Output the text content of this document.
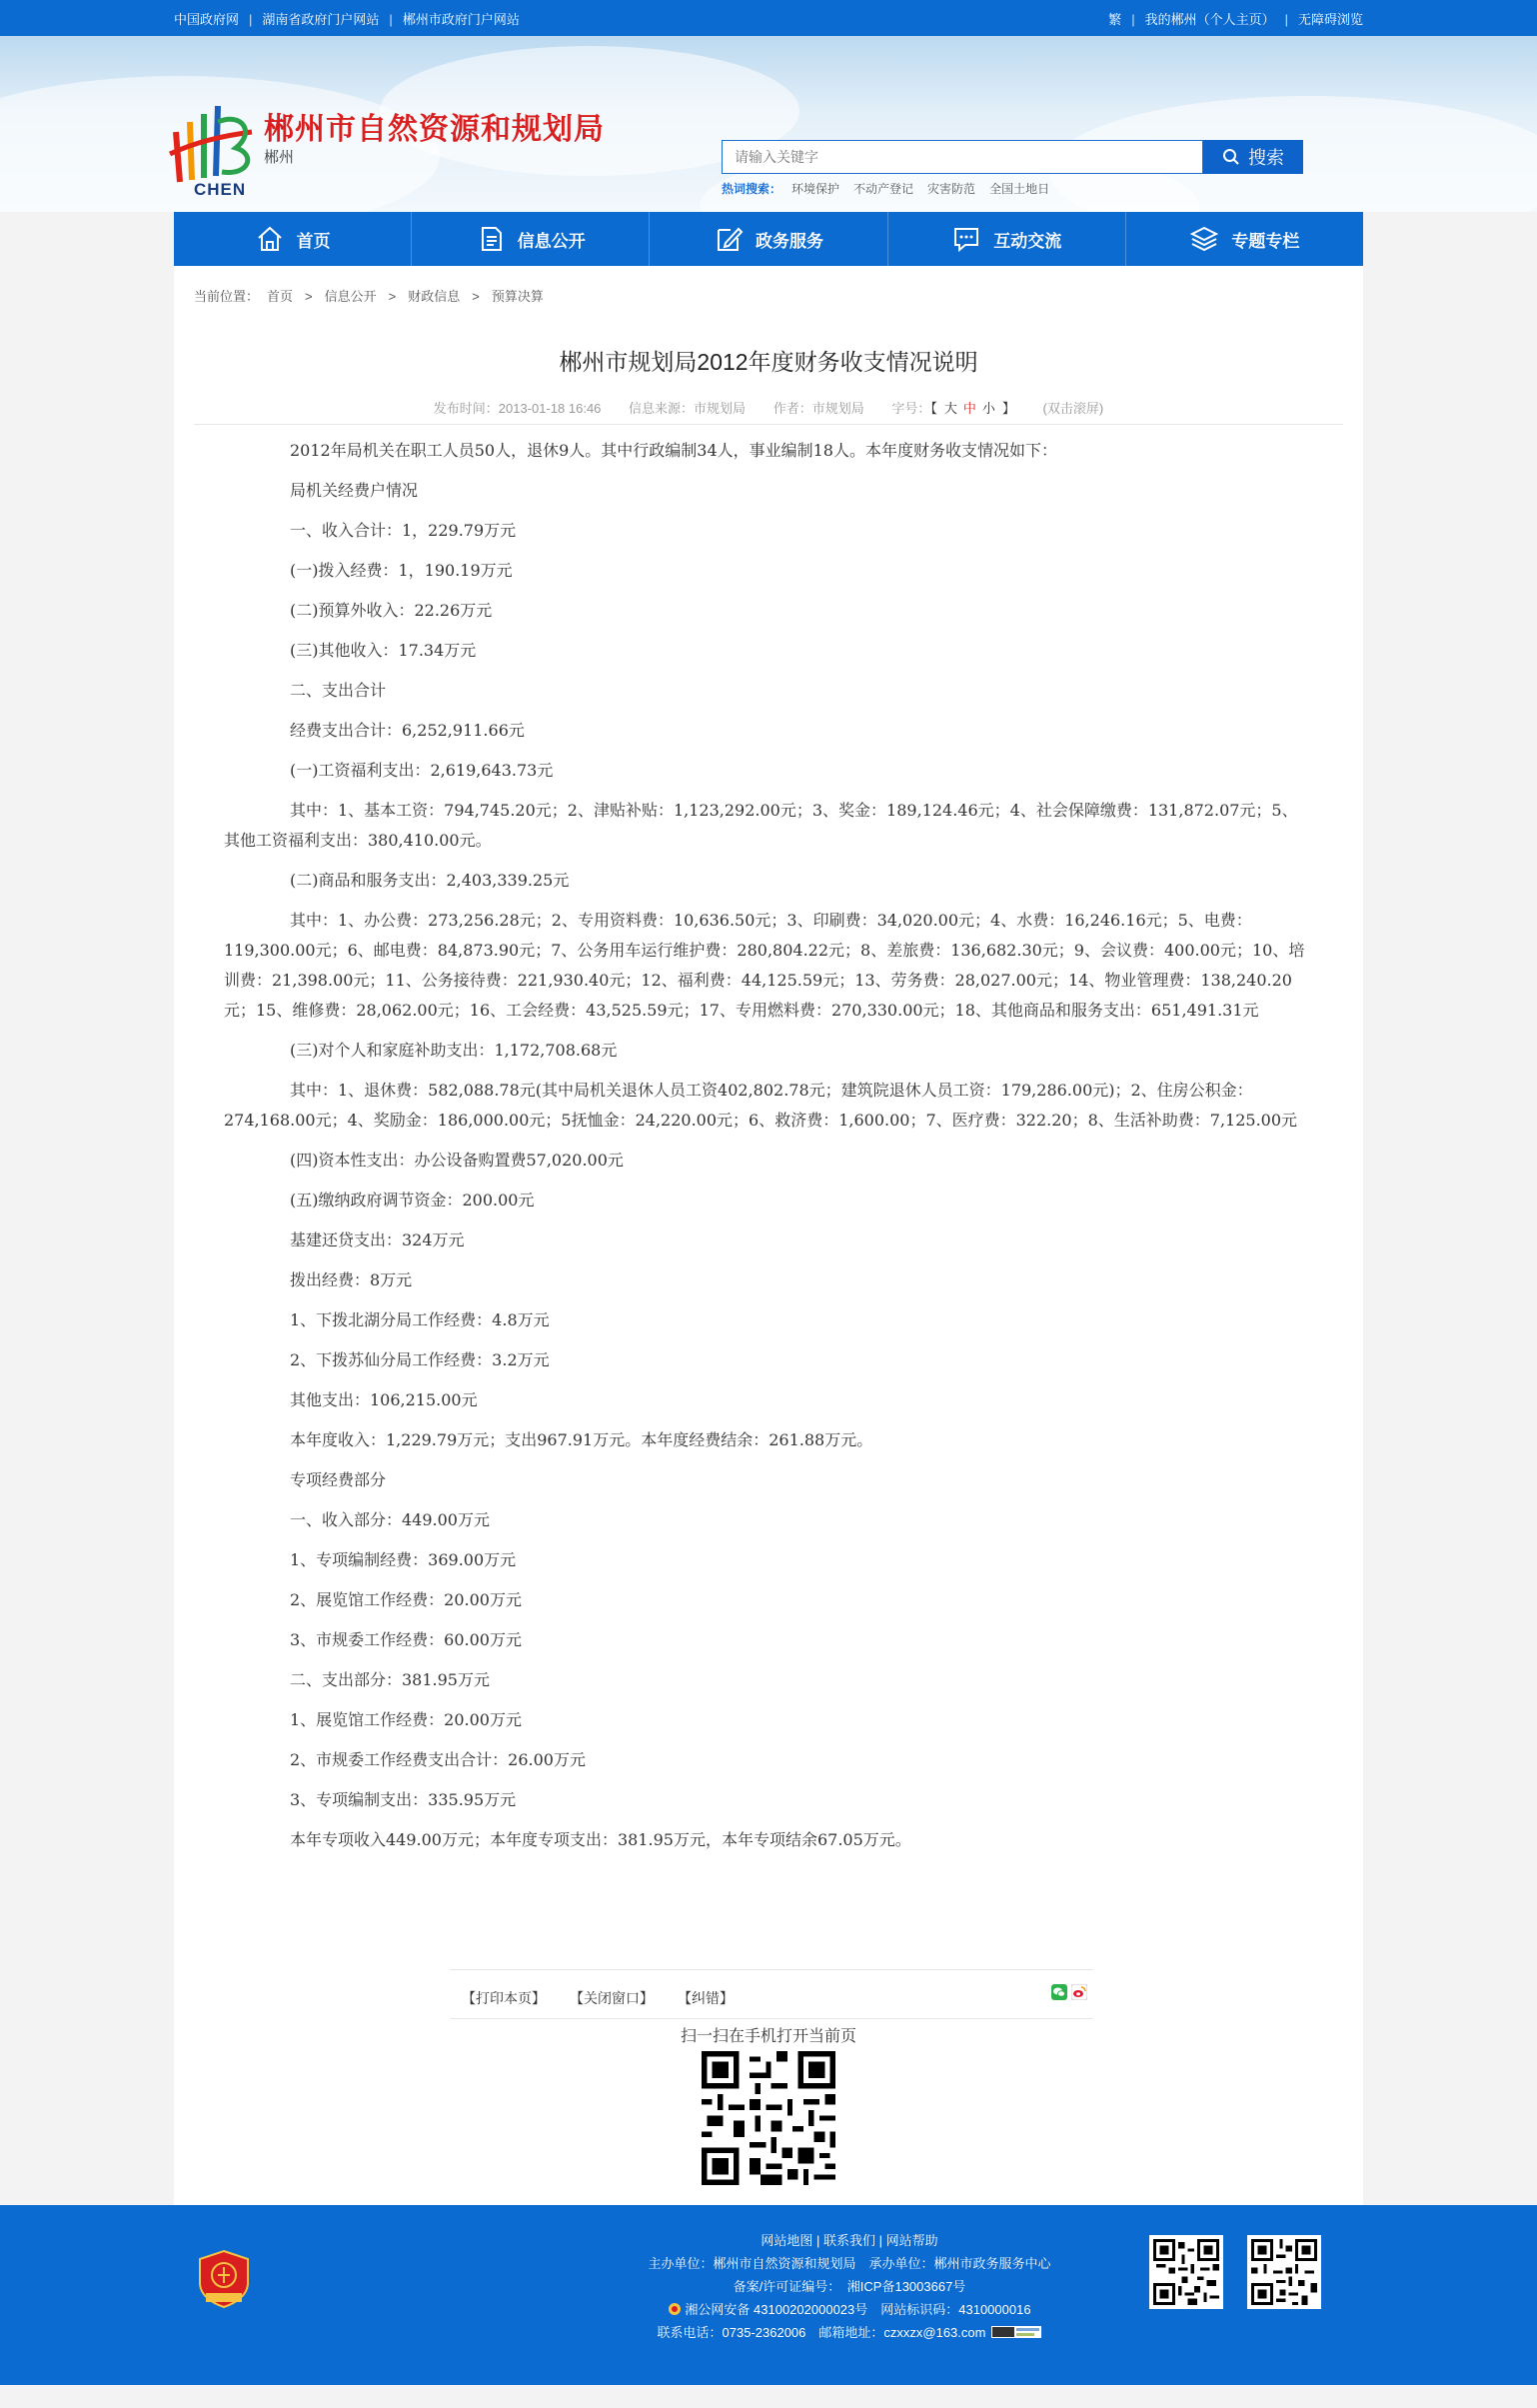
中国政府网 | 湖南省政府门户网站 | 郴州市政府门户网站	繁 | 我的郴州（个人主页） | 无障碍浏览
郴州市自然资源和规划局
郴州
CHEN
请输入关键字
搜索
热词搜索： 环境保护 不动产登记 灾害防范 全国土地日
首页	信息公开	政务服务	互动交流	专题专栏
当前位置： 首页 > 信息公开 > 财政信息 > 预算决算
郴州市规划局2012年度财务收支情况说明
发布时间：2013-01-18 16:46 信息来源：市规划局 作者：市规划局 字号：【 大 中 小 】 (双击滚屏)

2012年局机关在职工人员50人，退休9人。其中行政编制34人，事业编制18人。本年度财务收支情况如下：

局机关经费户情况

一、收入合计：1，229.79万元

(一)拨入经费：1，190.19万元

(二)预算外收入：22.26万元

(三)其他收入：17.34万元

二、支出合计

经费支出合计：6,252,911.66元

(一)工资福利支出：2,619,643.73元

其中：1、基本工资：794,745.20元；2、津贴补贴：1,123,292.00元；3、奖金：189,124.46元；4、社会保障缴费：131,872.07元；5、其他工资福利支出：380,410.00元。

(二)商品和服务支出：2,403,339.25元

其中：1、办公费：273,256.28元；2、专用资料费：10,636.50元；3、印刷费：34,020.00元；4、水费：16,246.16元；5、电费：119,300.00元；6、邮电费：84,873.90元；7、公务用车运行维护费：280,804.22元；8、差旅费：136,682.30元；9、会议费：400.00元；10、培训费：21,398.00元；11、公务接待费：221,930.40元；12、福利费：44,125.59元；13、劳务费：28,027.00元；14、物业管理费：138,240.20元；15、维修费：28,062.00元；16、工会经费：43,525.59元；17、专用燃料费：270,330.00元；18、其他商品和服务支出：651,491.31元

(三)对个人和家庭补助支出：1,172,708.68元

其中：1、退休费：582,088.78元(其中局机关退休人员工资402,802.78元；建筑院退休人员工资：179,286.00元)；2、住房公积金：274,168.00元；4、奖励金：186,000.00元；5抚恤金：24,220.00元；6、救济费：1,600.00；7、医疗费：322.20；8、生活补助费：7,125.00元

(四)资本性支出：办公设备购置费57,020.00元

(五)缴纳政府调节资金：200.00元

基建还贷支出：324万元

拨出经费：8万元

1、下拨北湖分局工作经费：4.8万元

2、下拨苏仙分局工作经费：3.2万元

其他支出：106,215.00元

本年度收入：1,229.79万元；支出967.91万元。本年度经费结余：261.88万元。

专项经费部分

一、收入部分：449.00万元

1、专项编制经费：369.00万元

2、展览馆工作经费：20.00万元

3、市规委工作经费：60.00万元

二、支出部分：381.95万元

1、展览馆工作经费：20.00万元

2、市规委工作经费支出合计：26.00万元

3、专项编制支出：335.95万元

本年专项收入449.00万元；本年度专项支出：381.95万元，本年专项结余67.05万元。

【打印本页】 【关闭窗口】 【纠错】
扫一扫在手机打开当前页
网站地图 | 联系我们 | 网站帮助
主办单位：郴州市自然资源和规划局　承办单位：郴州市政务服务中心
备案/许可证编号：　湘ICP备13003667号
湘公网安备 43100202000023号　网站标识码：4310000016
联系电话：0735-2362006　邮箱地址：czxxzx@163.com
